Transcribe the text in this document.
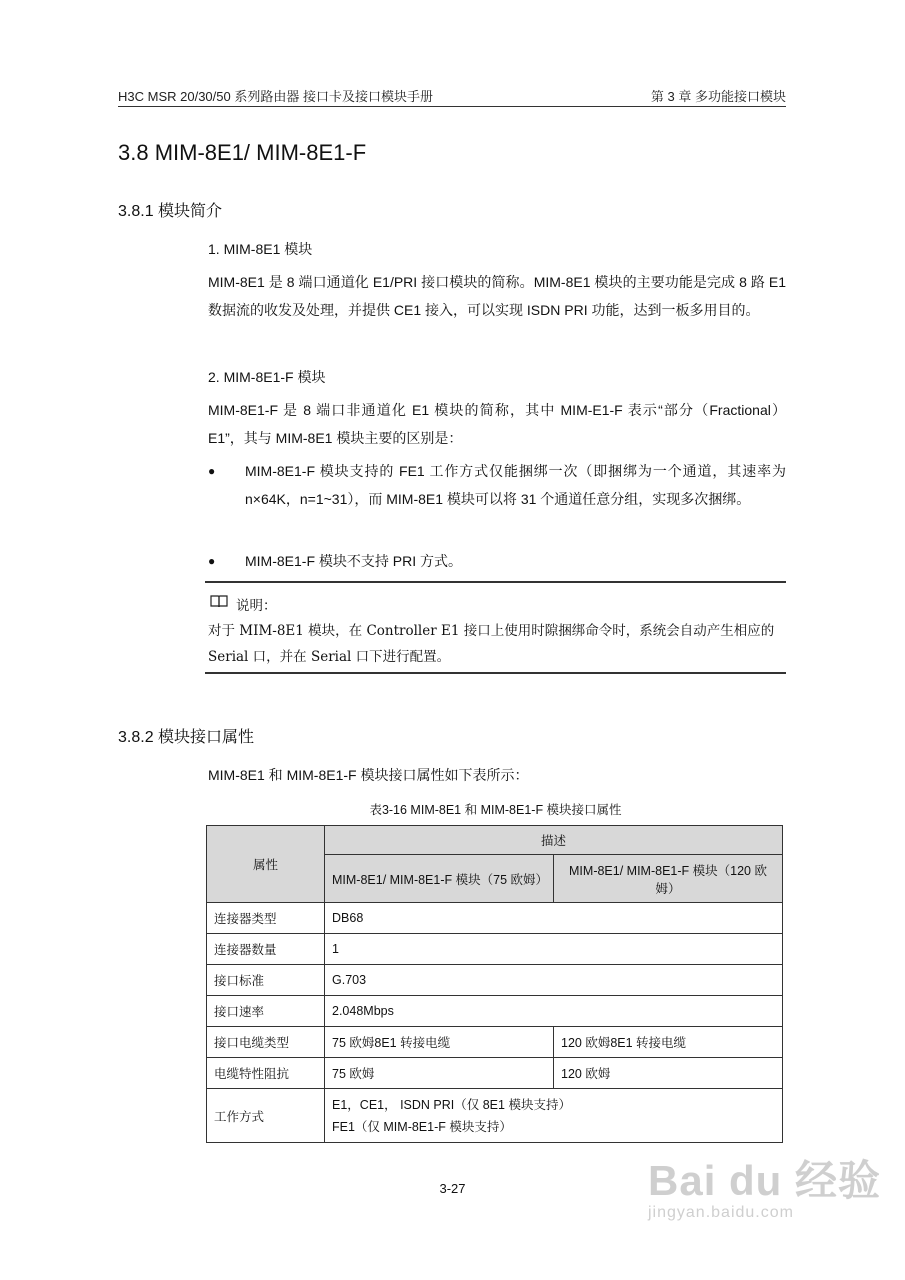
H3C MSR 20/30/50 系列路由器 接口卡及接口模块手册	第 3 章 多功能接口模块
3.8 MIM-8E1/ MIM-8E1-F
3.8.1 模块简介
1. MIM-8E1 模块
MIM-8E1 是 8 端口通道化 E1/PRI 接口模块的简称。MIM-8E1 模块的主要功能是完成 8 路 E1 数据流的收发及处理，并提供 CE1 接入，可以实现 ISDN PRI 功能，达到一板多用目的。
2. MIM-8E1-F 模块
MIM-8E1-F 是 8 端口非通道化 E1 模块的简称，其中 MIM-E1-F 表示“部分（Fractional）E1”，其与 MIM-8E1 模块主要的区别是：
● MIM-8E1-F 模块支持的 FE1 工作方式仅能捆绑一次（即捆绑为一个通道，其速率为 n×64K，n=1~31），而 MIM-8E1 模块可以将 31 个通道任意分组，实现多次捆绑。
● MIM-8E1-F 模块不支持 PRI 方式。
说明：
对于 MIM-8E1 模块，在 Controller E1 接口上使用时隙捆绑命令时，系统会自动产生相应的 Serial 口，并在 Serial 口下进行配置。
3.8.2 模块接口属性
MIM-8E1 和 MIM-8E1-F 模块接口属性如下表所示：
表3-16 MIM-8E1 和 MIM-8E1-F 模块接口属性
属性	描述	
	MIM-8E1/ MIM-8E1-F 模块（75 欧姆）	MIM-8E1/ MIM-8E1-F 模块（120 欧姆）
连接器类型	DB68	
连接器数量	1	
接口标准	G.703	
接口速率	2.048Mbps	
接口电缆类型	75 欧姆8E1 转接电缆	120 欧姆8E1 转接电缆
电缆特性阻抗	75 欧姆	120 欧姆
工作方式	E1，CE1， ISDN PRI（仅 8E1 模块支持）
FE1（仅 MIM-8E1-F 模块支持）	
3-27	Bai du 经验
jingyan.baidu.com
